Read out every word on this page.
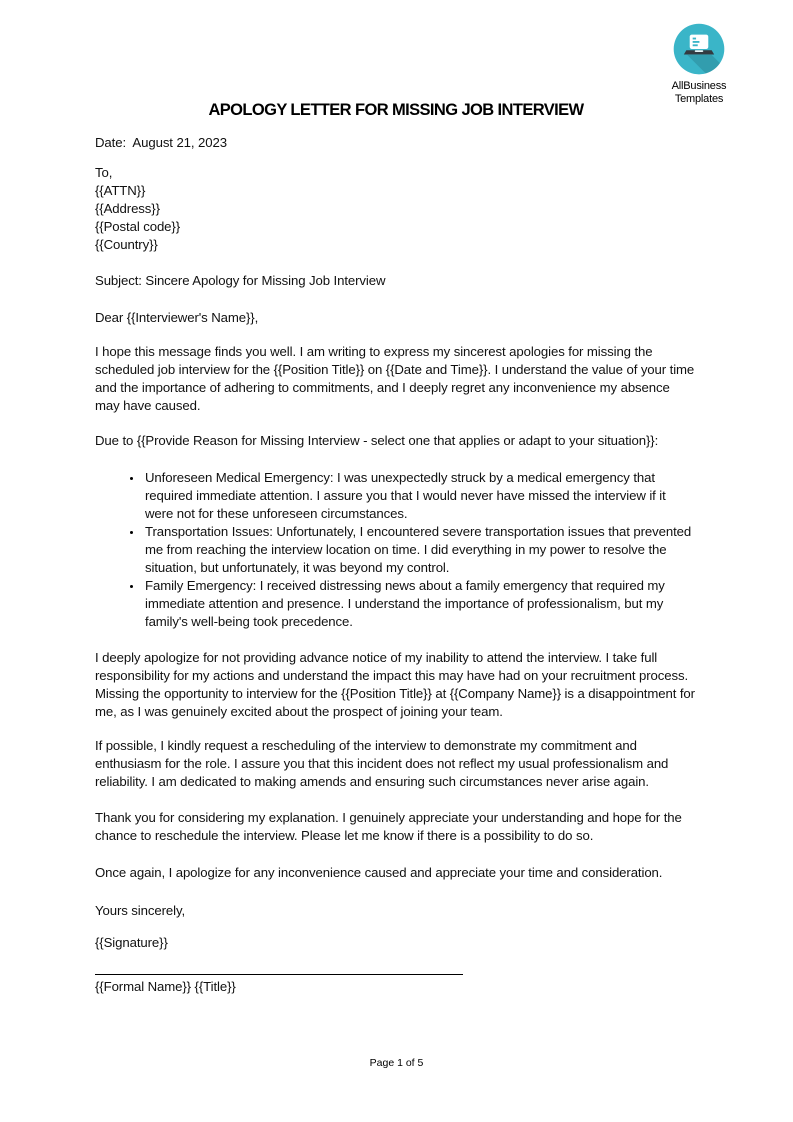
AllBusiness
Templates
APOLOGY LETTER FOR MISSING JOB INTERVIEW
Date:  August 21, 2023
To,
{{ATTN}}
{{Address}}
{{Postal code}}
{{Country}}
Subject: Sincere Apology for Missing Job Interview
Dear {{Interviewer's Name}},

I hope this message finds you well. I am writing to express my sincerest apologies for missing the scheduled job interview for the {{Position Title}} on {{Date and Time}}. I understand the value of your time and the importance of adhering to commitments, and I deeply regret any inconvenience my absence may have caused.

Due to {{Provide Reason for Missing Interview - select one that applies or adapt to your situation}}:

• Unforeseen Medical Emergency: I was unexpectedly struck by a medical emergency that required immediate attention. I assure you that I would never have missed the interview if it were not for these unforeseen circumstances.
• Transportation Issues: Unfortunately, I encountered severe transportation issues that prevented me from reaching the interview location on time. I did everything in my power to resolve the situation, but unfortunately, it was beyond my control.
• Family Emergency: I received distressing news about a family emergency that required my immediate attention and presence. I understand the importance of professionalism, but my family's well-being took precedence.

I deeply apologize for not providing advance notice of my inability to attend the interview. I take full responsibility for my actions and understand the impact this may have had on your recruitment process. Missing the opportunity to interview for the {{Position Title}} at {{Company Name}} is a disappointment for me, as I was genuinely excited about the prospect of joining your team.

If possible, I kindly request a rescheduling of the interview to demonstrate my commitment and enthusiasm for the role. I assure you that this incident does not reflect my usual professionalism and reliability. I am dedicated to making amends and ensuring such circumstances never arise again.

Thank you for considering my explanation. I genuinely appreciate your understanding and hope for the chance to reschedule the interview. Please let me know if there is a possibility to do so.

Once again, I apologize for any inconvenience caused and appreciate your time and consideration.

Yours sincerely,
{{Signature}}
{{Formal Name}} {{Title}}
Page 1 of 5
